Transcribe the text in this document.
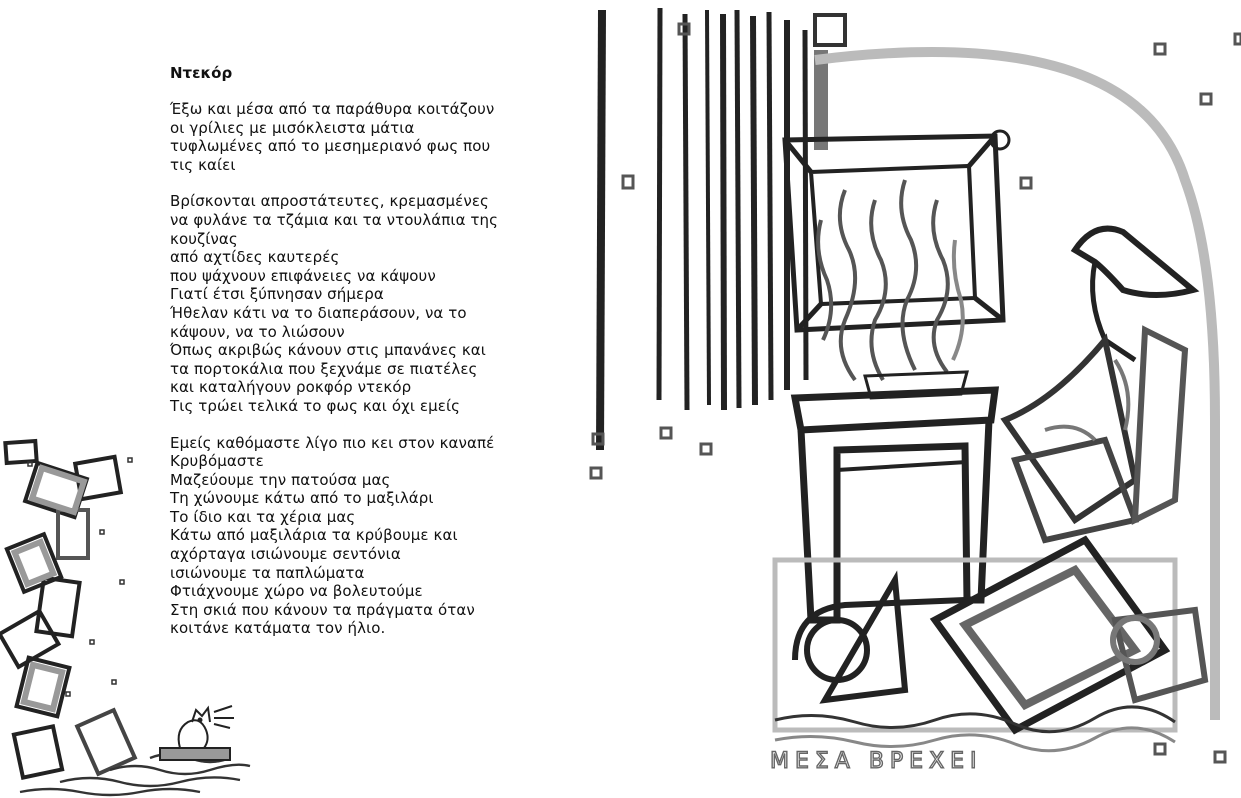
Ντεκόρ
Έξω και μέσα από τα παράθυρα κοιτάζουν
οι γρίλιες με μισόκλειστα μάτια
τυφλωμένες από το μεσημεριανό φως που
τις καίει
Βρίσκονται απροστάτευτες, κρεμασμένες
να φυλάνε τα τζάμια και τα ντουλάπια της
κουζίνας
από αχτίδες καυτερές
που ψάχνουν επιφάνειες να κάψουν
Γιατί έτσι ξύπνησαν σήμερα
Ήθελαν κάτι να το διαπεράσουν, να το
κάψουν, να το λιώσουν
Όπως ακριβώς κάνουν στις μπανάνες και
τα πορτοκάλια που ξεχνάμε σε πιατέλες
και καταλήγουν ροκφόρ ντεκόρ
Τις τρώει τελικά το φως και όχι εμείς
Εμείς καθόμαστε λίγο πιο κει στον καναπέ
Κρυβόμαστε
Μαζεύουμε την πατούσα μας
Τη χώνουμε κάτω από το μαξιλάρι
Το ίδιο και τα χέρια μας
Κάτω από μαξιλάρια τα κρύβουμε και
αχόρταγα ισιώνουμε σεντόνια
ισιώνουμε τα παπλώματα
Φτιάχνουμε χώρο να βολευτούμε
Στη σκιά που κάνουν τα πράγματα όταν
κοιτάνε κατάματα τον ήλιο.
ΜΕΣΑ ΒΡΕΧΕΙ
